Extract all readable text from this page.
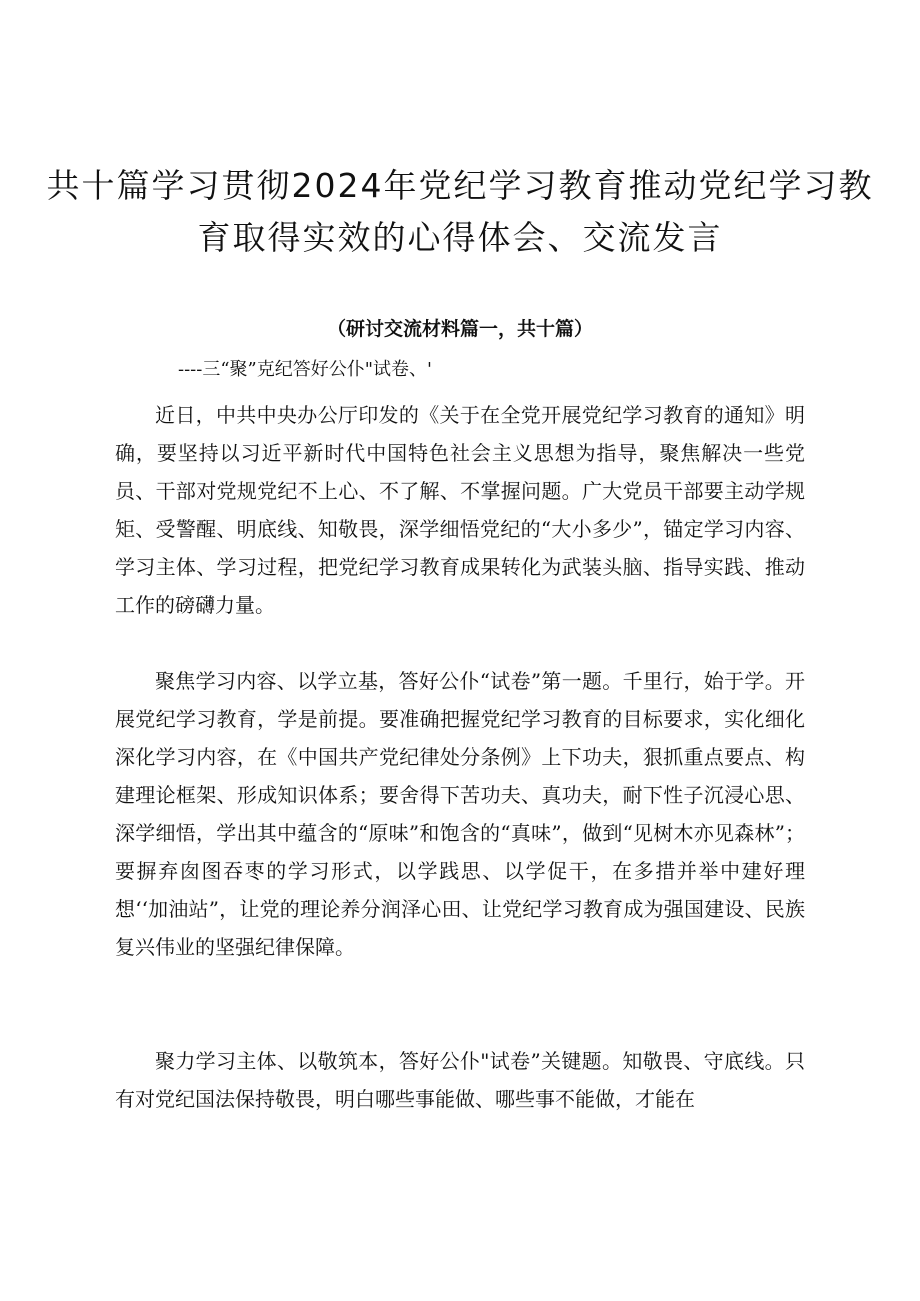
共十篇学习贯彻2024年党纪学习教育推动党纪学习教育取得实效的心得体会、交流发言
（研讨交流材料篇一，共十篇）
----三“聚”克纪答好公仆"试卷、'

近日，中共中央办公厅印发的《关于在全党开展党纪学习教育的通知》明确，要坚持以习近平新时代中国特色社会主义思想为指导，聚焦解决一些党员、干部对党规党纪不上心、不了解、不掌握问题。广大党员干部要主动学规矩、受警醒、明底线、知敬畏，深学细悟党纪的“大小多少”，锚定学习内容、学习主体、学习过程，把党纪学习教育成果转化为武装头脑、指导实践、推动工作的磅礴力量。

聚焦学习内容、以学立基，答好公仆“试卷”第一题。千里行，始于学。开展党纪学习教育，学是前提。要准确把握党纪学习教育的目标要求，实化细化深化学习内容，在《中国共产党纪律处分条例》上下功夫，狠抓重点要点、构建理论框架、形成知识体系；要舍得下苦功夫、真功夫，耐下性子沉浸心思、深学细悟，学出其中蕴含的“原味”和饱含的“真味”，做到“见树木亦见森林”；要摒弃囱图吞枣的学习形式，以学践思、以学促干，在多措并举中建好理想‘‘加油站”，让党的理论养分润泽心田、让党纪学习教育成为强国建设、民族复兴伟业的坚强纪律保障。

聚力学习主体、以敬筑本，答好公仆"试卷”关键题。知敬畏、守底线。只有对党纪国法保持敬畏，明白哪些事能做、哪些事不能做，才能在
